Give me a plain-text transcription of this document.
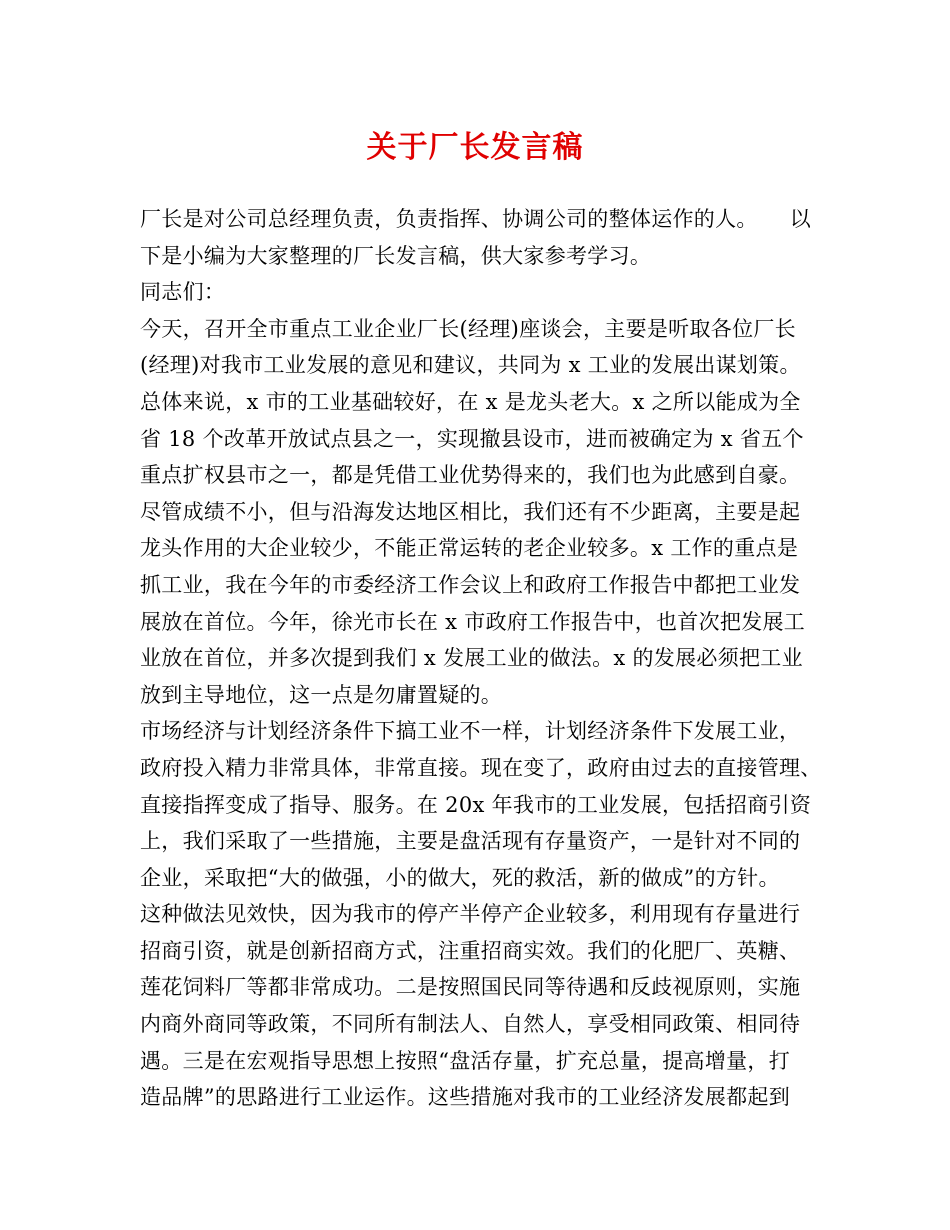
关于厂长发言稿
厂长是对公司总经理负责，负责指挥、协调公司的整体运作的人。　　以
下是小编为大家整理的厂长发言稿，供大家参考学习。
同志们：
今天，召开全市重点工业企业厂长(经理)座谈会，主要是听取各位厂长
(经理)对我市工业发展的意见和建议，共同为 x 工业的发展出谋划策。
总体来说，x 市的工业基础较好，在 x 是龙头老大。x 之所以能成为全
省 18 个改革开放试点县之一，实现撤县设市，进而被确定为 x 省五个
重点扩权县市之一，都是凭借工业优势得来的，我们也为此感到自豪。
尽管成绩不小，但与沿海发达地区相比，我们还有不少距离，主要是起
龙头作用的大企业较少，不能正常运转的老企业较多。x 工作的重点是
抓工业，我在今年的市委经济工作会议上和政府工作报告中都把工业发
展放在首位。今年，徐光市长在 x 市政府工作报告中，也首次把发展工
业放在首位，并多次提到我们 x 发展工业的做法。x 的发展必须把工业
放到主导地位，这一点是勿庸置疑的。
市场经济与计划经济条件下搞工业不一样，计划经济条件下发展工业，
政府投入精力非常具体，非常直接。现在变了，政府由过去的直接管理、
直接指挥变成了指导、服务。在 20x 年我市的工业发展，包括招商引资
上，我们采取了一些措施，主要是盘活现有存量资产，一是针对不同的
企业，采取把“大的做强，小的做大，死的救活，新的做成”的方针。
这种做法见效快，因为我市的停产半停产企业较多，利用现有存量进行
招商引资，就是创新招商方式，注重招商实效。我们的化肥厂、英糖、
莲花饲料厂等都非常成功。二是按照国民同等待遇和反歧视原则，实施
内商外商同等政策，不同所有制法人、自然人，享受相同政策、相同待
遇。三是在宏观指导思想上按照“盘活存量，扩充总量，提高增量，打
造品牌”的思路进行工业运作。这些措施对我市的工业经济发展都起到
